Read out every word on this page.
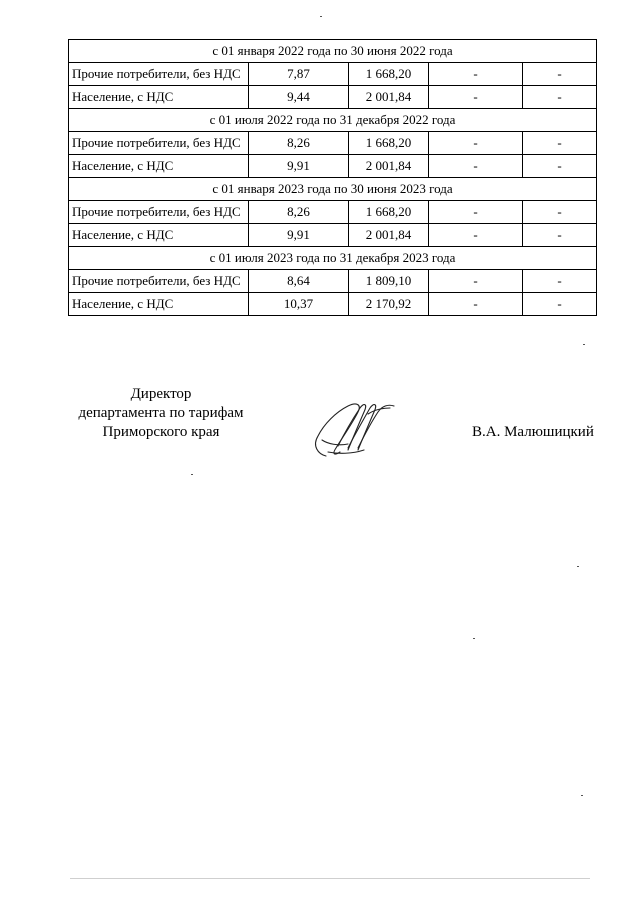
с 01 января 2022 года по 30 июня 2022 года				
Прочие потребители, без НДС	7,87	1 668,20	-	-
Население, с НДС	9,44	2 001,84	-	-
с 01 июля 2022 года по 31 декабря 2022 года				
Прочие потребители, без НДС	8,26	1 668,20	-	-
Население, с НДС	9,91	2 001,84	-	-
с 01 января 2023 года по 30 июня 2023 года				
Прочие потребители, без НДС	8,26	1 668,20	-	-
Население, с НДС	9,91	2 001,84	-	-
с 01 июля 2023 года по 31 декабря 2023 года				
Прочие потребители, без НДС	8,64	1 809,10	-	-
Население, с НДС	10,37	2 170,92	-	-
Директор
департамента по тарифам
Приморского края	В.А. Малюшицкий
